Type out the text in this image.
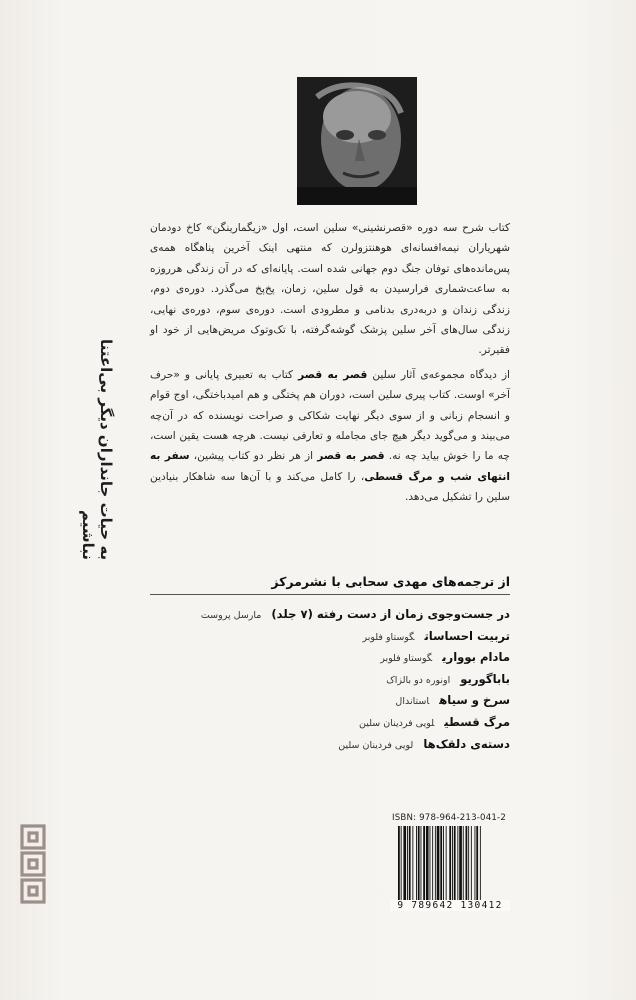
کتاب شرح سه دوره «قصرنشینی» سلین است، اول «زیگمارینگن» کاخ دودمان شهریاران نیمه‌افسانه‌ای هوهنتزولرن که منتهی اینک آخرین پناهگاه همه‌ی پس‌مانده‌های توفان جنگ دوم جهانی شده است. پایانه‌ای که در آن زندگی هرروزه به ساعت‌شماری فرارسیدن به قول سلین، زمان، پخ‌پخ می‌گذرد. دوره‌ی دوم، زندگی زندان و دربه‌دری بدنامی و مطرودی است. دوره‌ی سوم، دوره‌ی نهایی، زندگی سال‌های آخر سلین پزشک گوشه‌گرفته، با تک‌وتوک مریض‌هایی از خود او فقیرتر.

از دیدگاه مجموعه‌ی آثار سلین قصر به قصر کتاب به تعبیری پایانی و «حرف آخر» اوست. کتاب پیری سلین است، دوران هم پختگی و هم امیدباختگی، اوج قوام و انسجام زبانی و از سوی دیگر نهایت شکاکی و صراحت نویسنده که در آن‌چه می‌بیند و می‌گوید دیگر هیچ جای مجامله و تعارفی نیست. هرچه هست یقین است، چه ما را خوش بیاید چه نه. قصر به قصر از هر نظر دو کتاب پیشین، سفر به انتهای شب و مرگ قسطی، را کامل می‌کند و با آن‌ها سه شاهکار بنیادین سلین را تشکیل می‌دهد.

به حیات جانداران دیگر بی‌اعتنا نباشیم
از ترجمه‌های مهدی سحابی با نشرمرکز
در جست‌وجوی زمان از دست رفته (۷ جلد)مارسل پروست
تربیت احساساتگوستاو فلوبر
مادام بوواریگوستاو فلوبر
باباگوریواونوره دو بالزاک
سرخ و سیاهاستاندال
مرگ قسطیلویی فردینان سلین
دسته‌ی دلقک‌هالویی فردینان سلین
ISBN: 978-964-213-041-2
9 789642 130412
